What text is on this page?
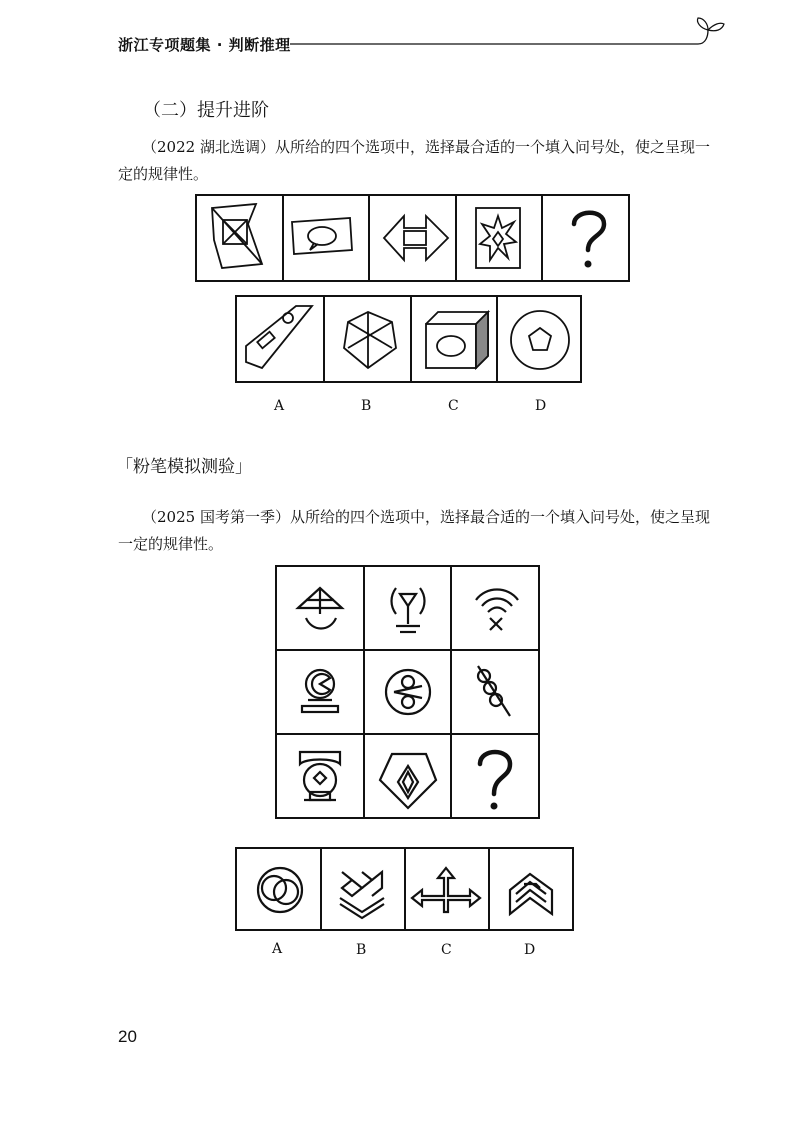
浙江专项题集 · 判断推理
（二）提升进阶
（2022 湖北选调）从所给的四个选项中，选择最合适的一个填入问号处，使之呈现一定的规律性。
A	B	C	D
「粉笔模拟测验」
（2025 国考第一季）从所给的四个选项中，选择最合适的一个填入问号处，使之呈现一定的规律性。
A	B	C	D
20
